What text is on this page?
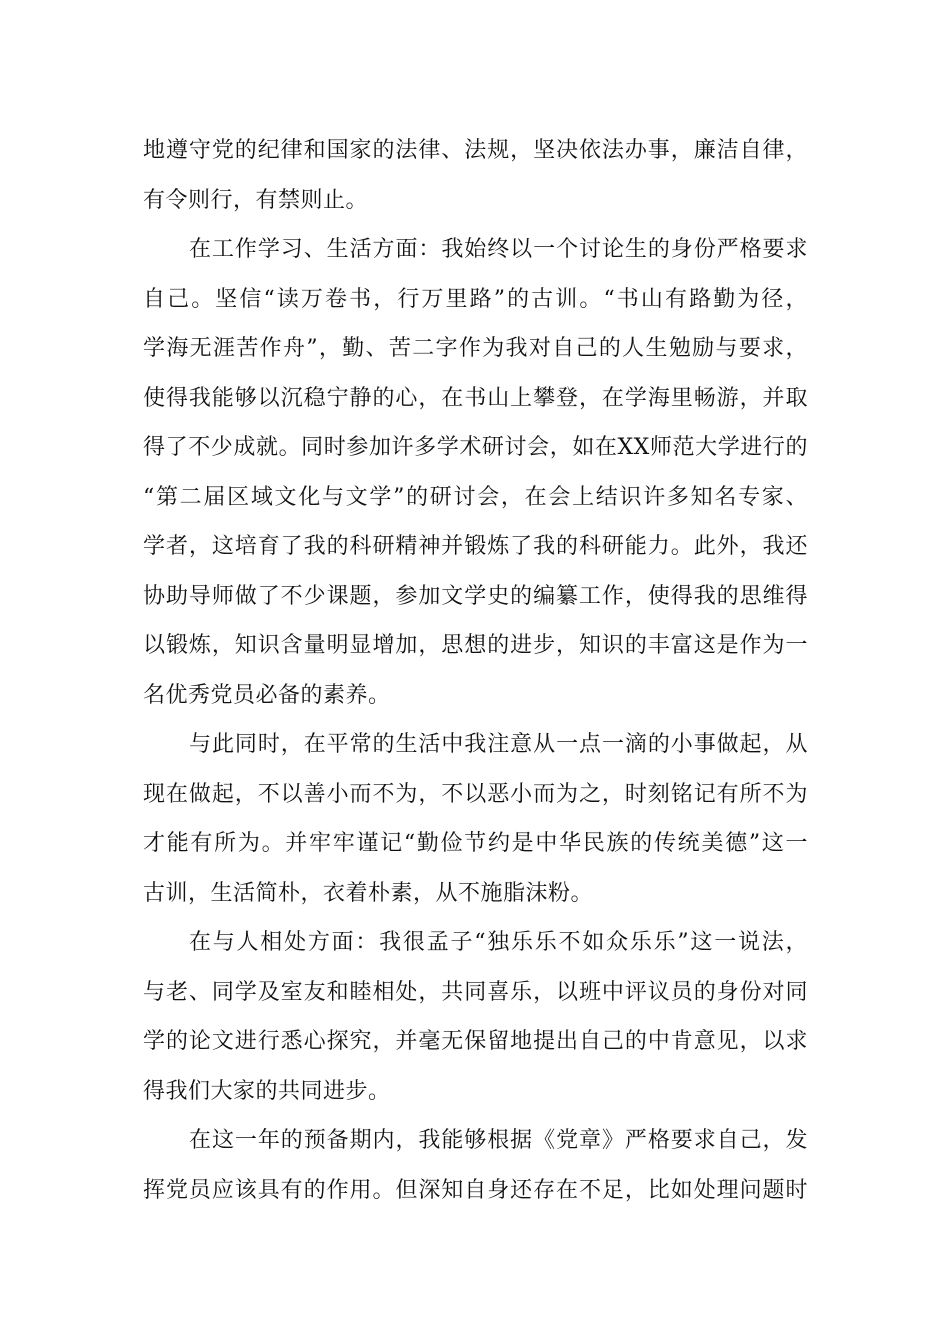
地遵守党的纪律和国家的法律、法规，坚决依法办事，廉洁自律，
有令则行，有禁则止。
在工作学习、生活方面：我始终以一个讨论生的身份严格要求
自己。坚信“读万卷书，行万里路”的古训。“书山有路勤为径，
学海无涯苦作舟”，勤、苦二字作为我对自己的人生勉励与要求，
使得我能够以沉稳宁静的心，在书山上攀登，在学海里畅游，并取
得了不少成就。同时参加许多学术研讨会，如在XX师范大学进行的
“第二届区域文化与文学”的研讨会，在会上结识许多知名专家、
学者，这培育了我的科研精神并锻炼了我的科研能力。此外，我还
协助导师做了不少课题，参加文学史的编纂工作，使得我的思维得
以锻炼，知识含量明显增加，思想的进步，知识的丰富这是作为一
名优秀党员必备的素养。
与此同时，在平常的生活中我注意从一点一滴的小事做起，从
现在做起，不以善小而不为，不以恶小而为之，时刻铭记有所不为
才能有所为。并牢牢谨记“勤俭节约是中华民族的传统美德”这一
古训，生活简朴，衣着朴素，从不施脂沫粉。
在与人相处方面：我很孟子“独乐乐不如众乐乐”这一说法，
与老、同学及室友和睦相处，共同喜乐，以班中评议员的身份对同
学的论文进行悉心探究，并毫无保留地提出自己的中肯意见，以求
得我们大家的共同进步。
在这一年的预备期内，我能够根据《党章》严格要求自己，发
挥党员应该具有的作用。但深知自身还存在不足，比如处理问题时
